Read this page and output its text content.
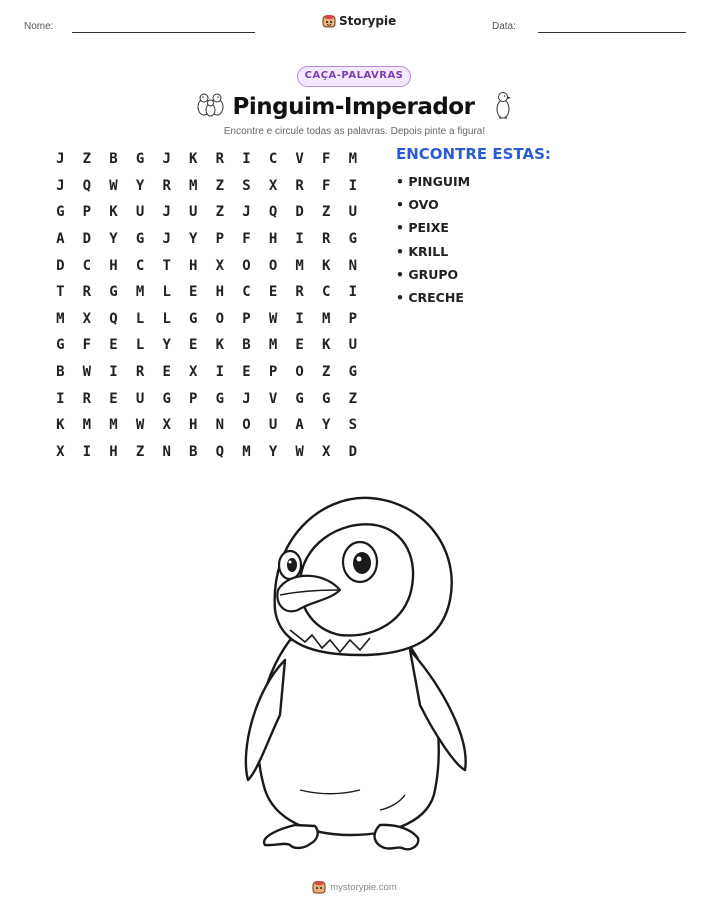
Nome:	Storypie	Data:
CAÇA-PALAVRAS
Pinguim-Imperador
Encontre e circule todas as palavras. Depois pinte a figura!
J	Z	B	G	J	K	R	I	C	V	F	M
J	Q	W	Y	R	M	Z	S	X	R	F	I
G	P	K	U	J	U	Z	J	Q	D	Z	U
A	D	Y	G	J	Y	P	F	H	I	R	G
D	C	H	C	T	H	X	O	O	M	K	N
T	R	G	M	L	E	H	C	E	R	C	I
M	X	Q	L	L	G	O	P	W	I	M	P
G	F	E	L	Y	E	K	B	M	E	K	U
B	W	I	R	E	X	I	E	P	O	Z	G
I	R	E	U	G	P	G	J	V	G	G	Z
K	M	M	W	X	H	N	O	U	A	Y	S
X	I	H	Z	N	B	Q	M	Y	W	X	D
ENCONTRE ESTAS:
• PINGUIM
• OVO
• PEIXE
• KRILL
• GRUPO
• CRECHE
mystorypie.com
